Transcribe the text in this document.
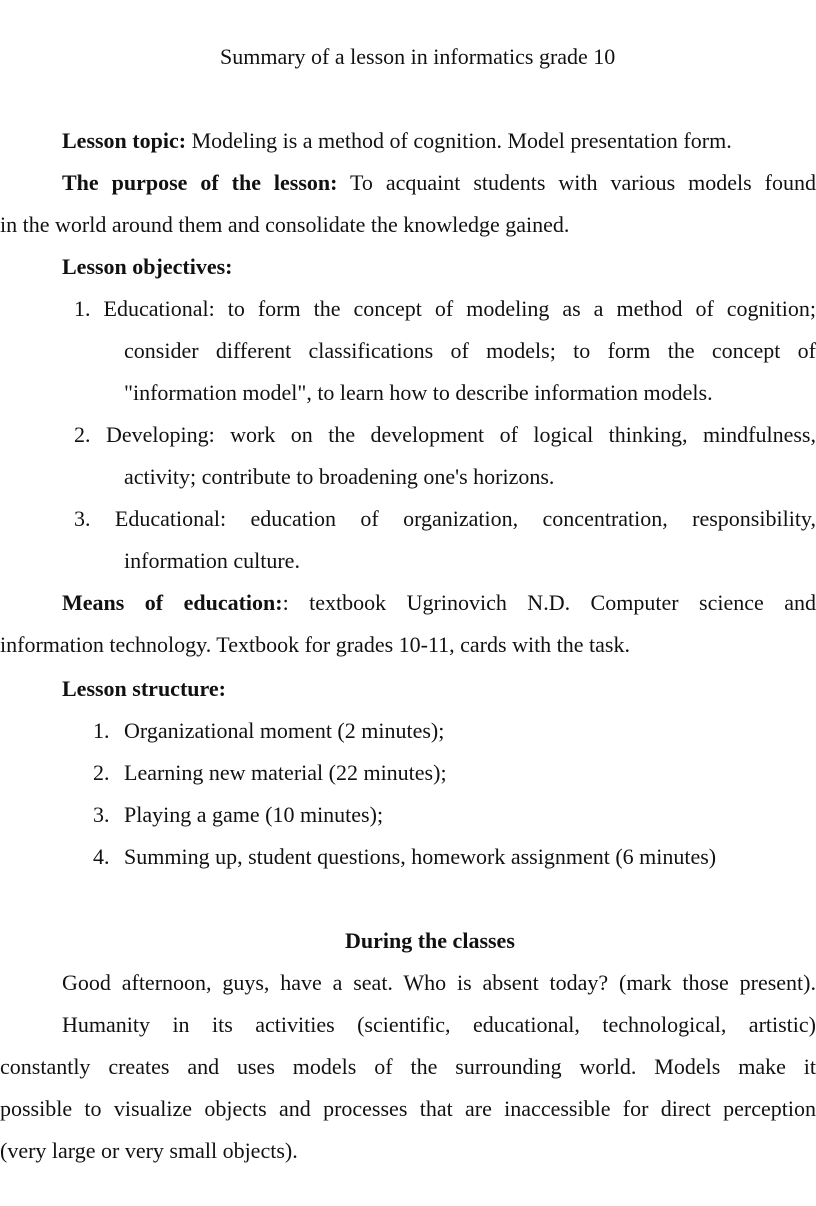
Summary of a lesson in informatics grade 10
Lesson topic: Modeling is a method of cognition. Model presentation form.
The purpose of the lesson: To acquaint students with various models found
in the world around them and consolidate the knowledge gained.
Lesson objectives:
1. Educational: to form the concept of modeling as a method of cognition;
consider different classifications of models; to form the concept of
"information model", to learn how to describe information models.
2. Developing: work on the development of logical thinking, mindfulness,
activity; contribute to broadening one's horizons.
3. Educational: education of organization, concentration, responsibility,
information culture.
Means of education:: textbook Ugrinovich N.D. Computer science and
information technology. Textbook for grades 10-11, cards with the task.
Lesson structure:
1. Organizational moment (2 minutes);
2. Learning new material (22 minutes);
3. Playing a game (10 minutes);
4. Summing up, student questions, homework assignment (6 minutes)
During the classes
Good afternoon, guys, have a seat. Who is absent today? (mark those present).
Humanity in its activities (scientific, educational, technological, artistic)
constantly creates and uses models of the surrounding world. Models make it
possible to visualize objects and processes that are inaccessible for direct perception
(very large or very small objects).
